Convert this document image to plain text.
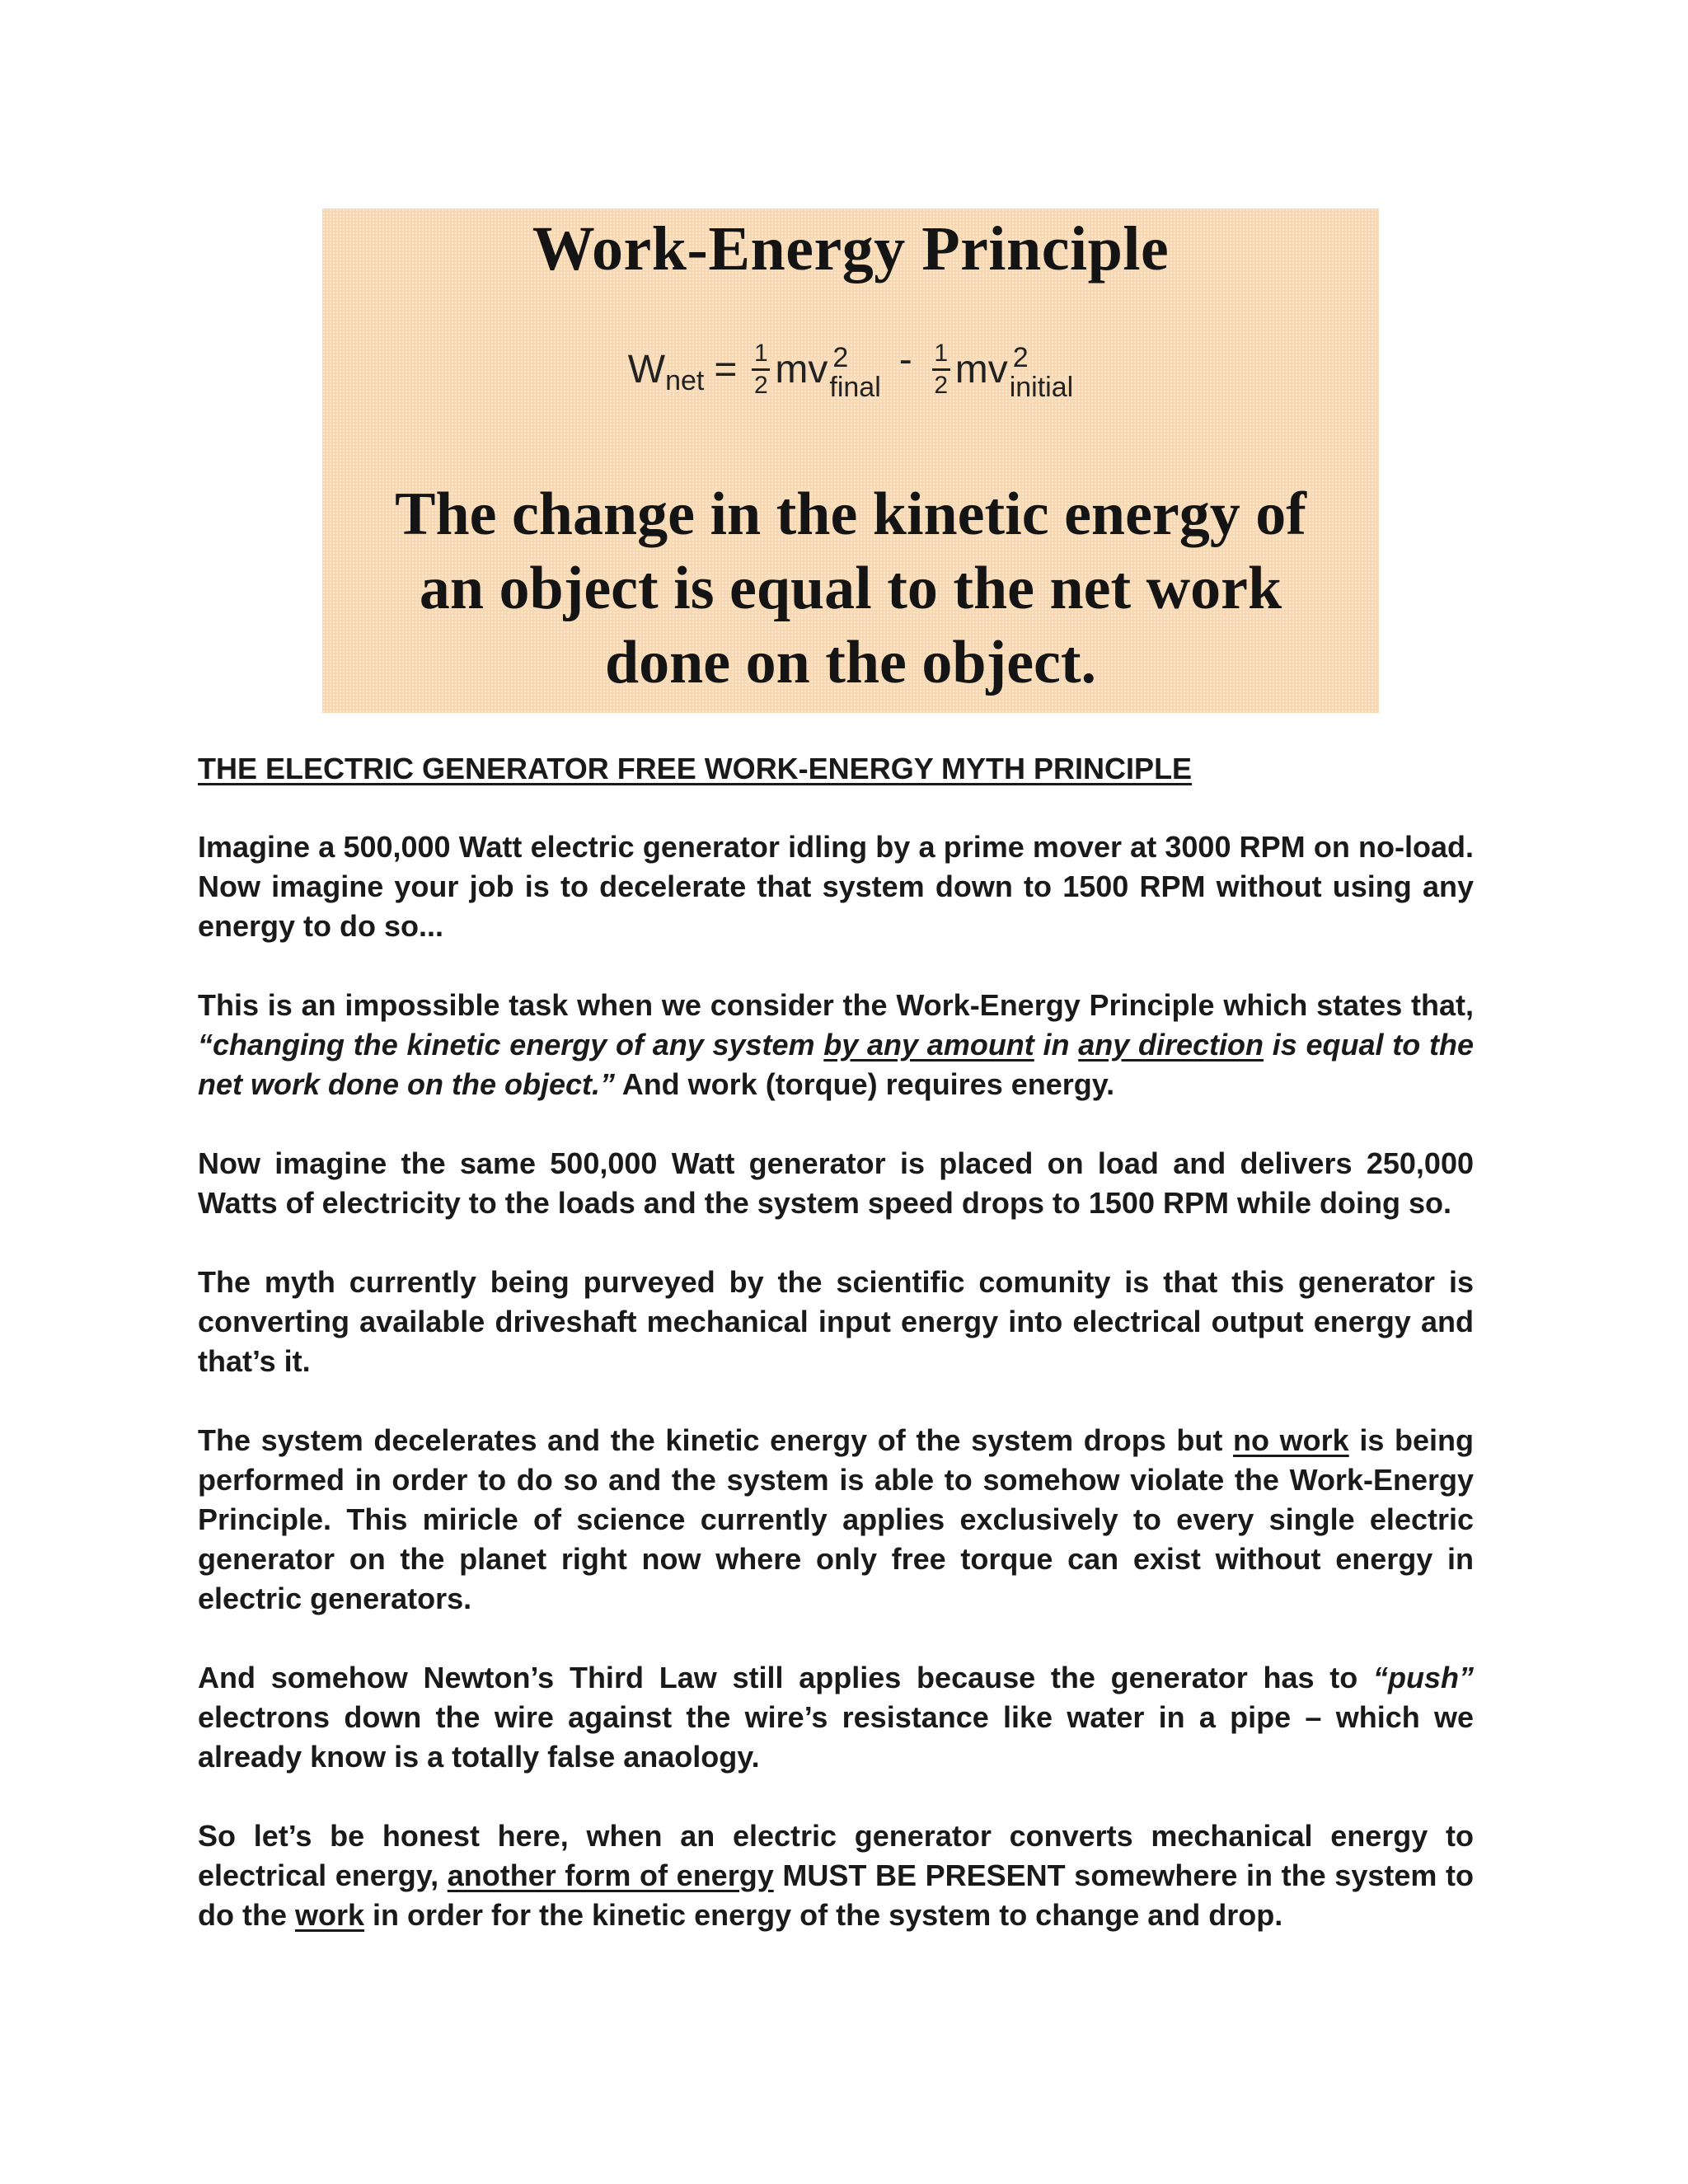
Work-Energy Principle
W net = $\frac{1}{2}$ mv 2
final
- $\frac{1}{2}$ mv 2
initial
The change in the kinetic energy of
an object is equal to the net work
done on the object.
THE ELECTRIC GENERATOR FREE WORK-ENERGY MYTH PRINCIPLE

Imagine a 500,000 Watt electric generator idling by a prime mover at 3000 RPM on no-load. Now imagine your job is to decelerate that system down to 1500 RPM without using any energy to do so...

This is an impossible task when we consider the Work-Energy Principle which states that, “changing the kinetic energy of any system by any amount in any direction is equal to the net work done on the object.” And work (torque) requires energy.

Now imagine the same 500,000 Watt generator is placed on load and delivers 250,000 Watts of electricity to the loads and the system speed drops to 1500 RPM while doing so.

The myth currently being purveyed by the scientific comunity is that this generator is converting available driveshaft mechanical input energy into electrical output energy and that’s it.

The system decelerates and the kinetic energy of the system drops but no work is being performed in order to do so and the system is able to somehow violate the Work-Energy Principle. This miricle of science currently applies exclusively to every single electric generator on the planet right now where only free torque can exist without energy in electric generators.

And somehow Newton’s Third Law still applies because the generator has to “push” electrons down the wire against the wire’s resistance like water in a pipe – which we already know is a totally false anaology.

So let’s be honest here, when an electric generator converts mechanical energy to electrical energy, another form of energy MUST BE PRESENT somewhere in the system to do the work in order for the kinetic energy of the system to change and drop.
